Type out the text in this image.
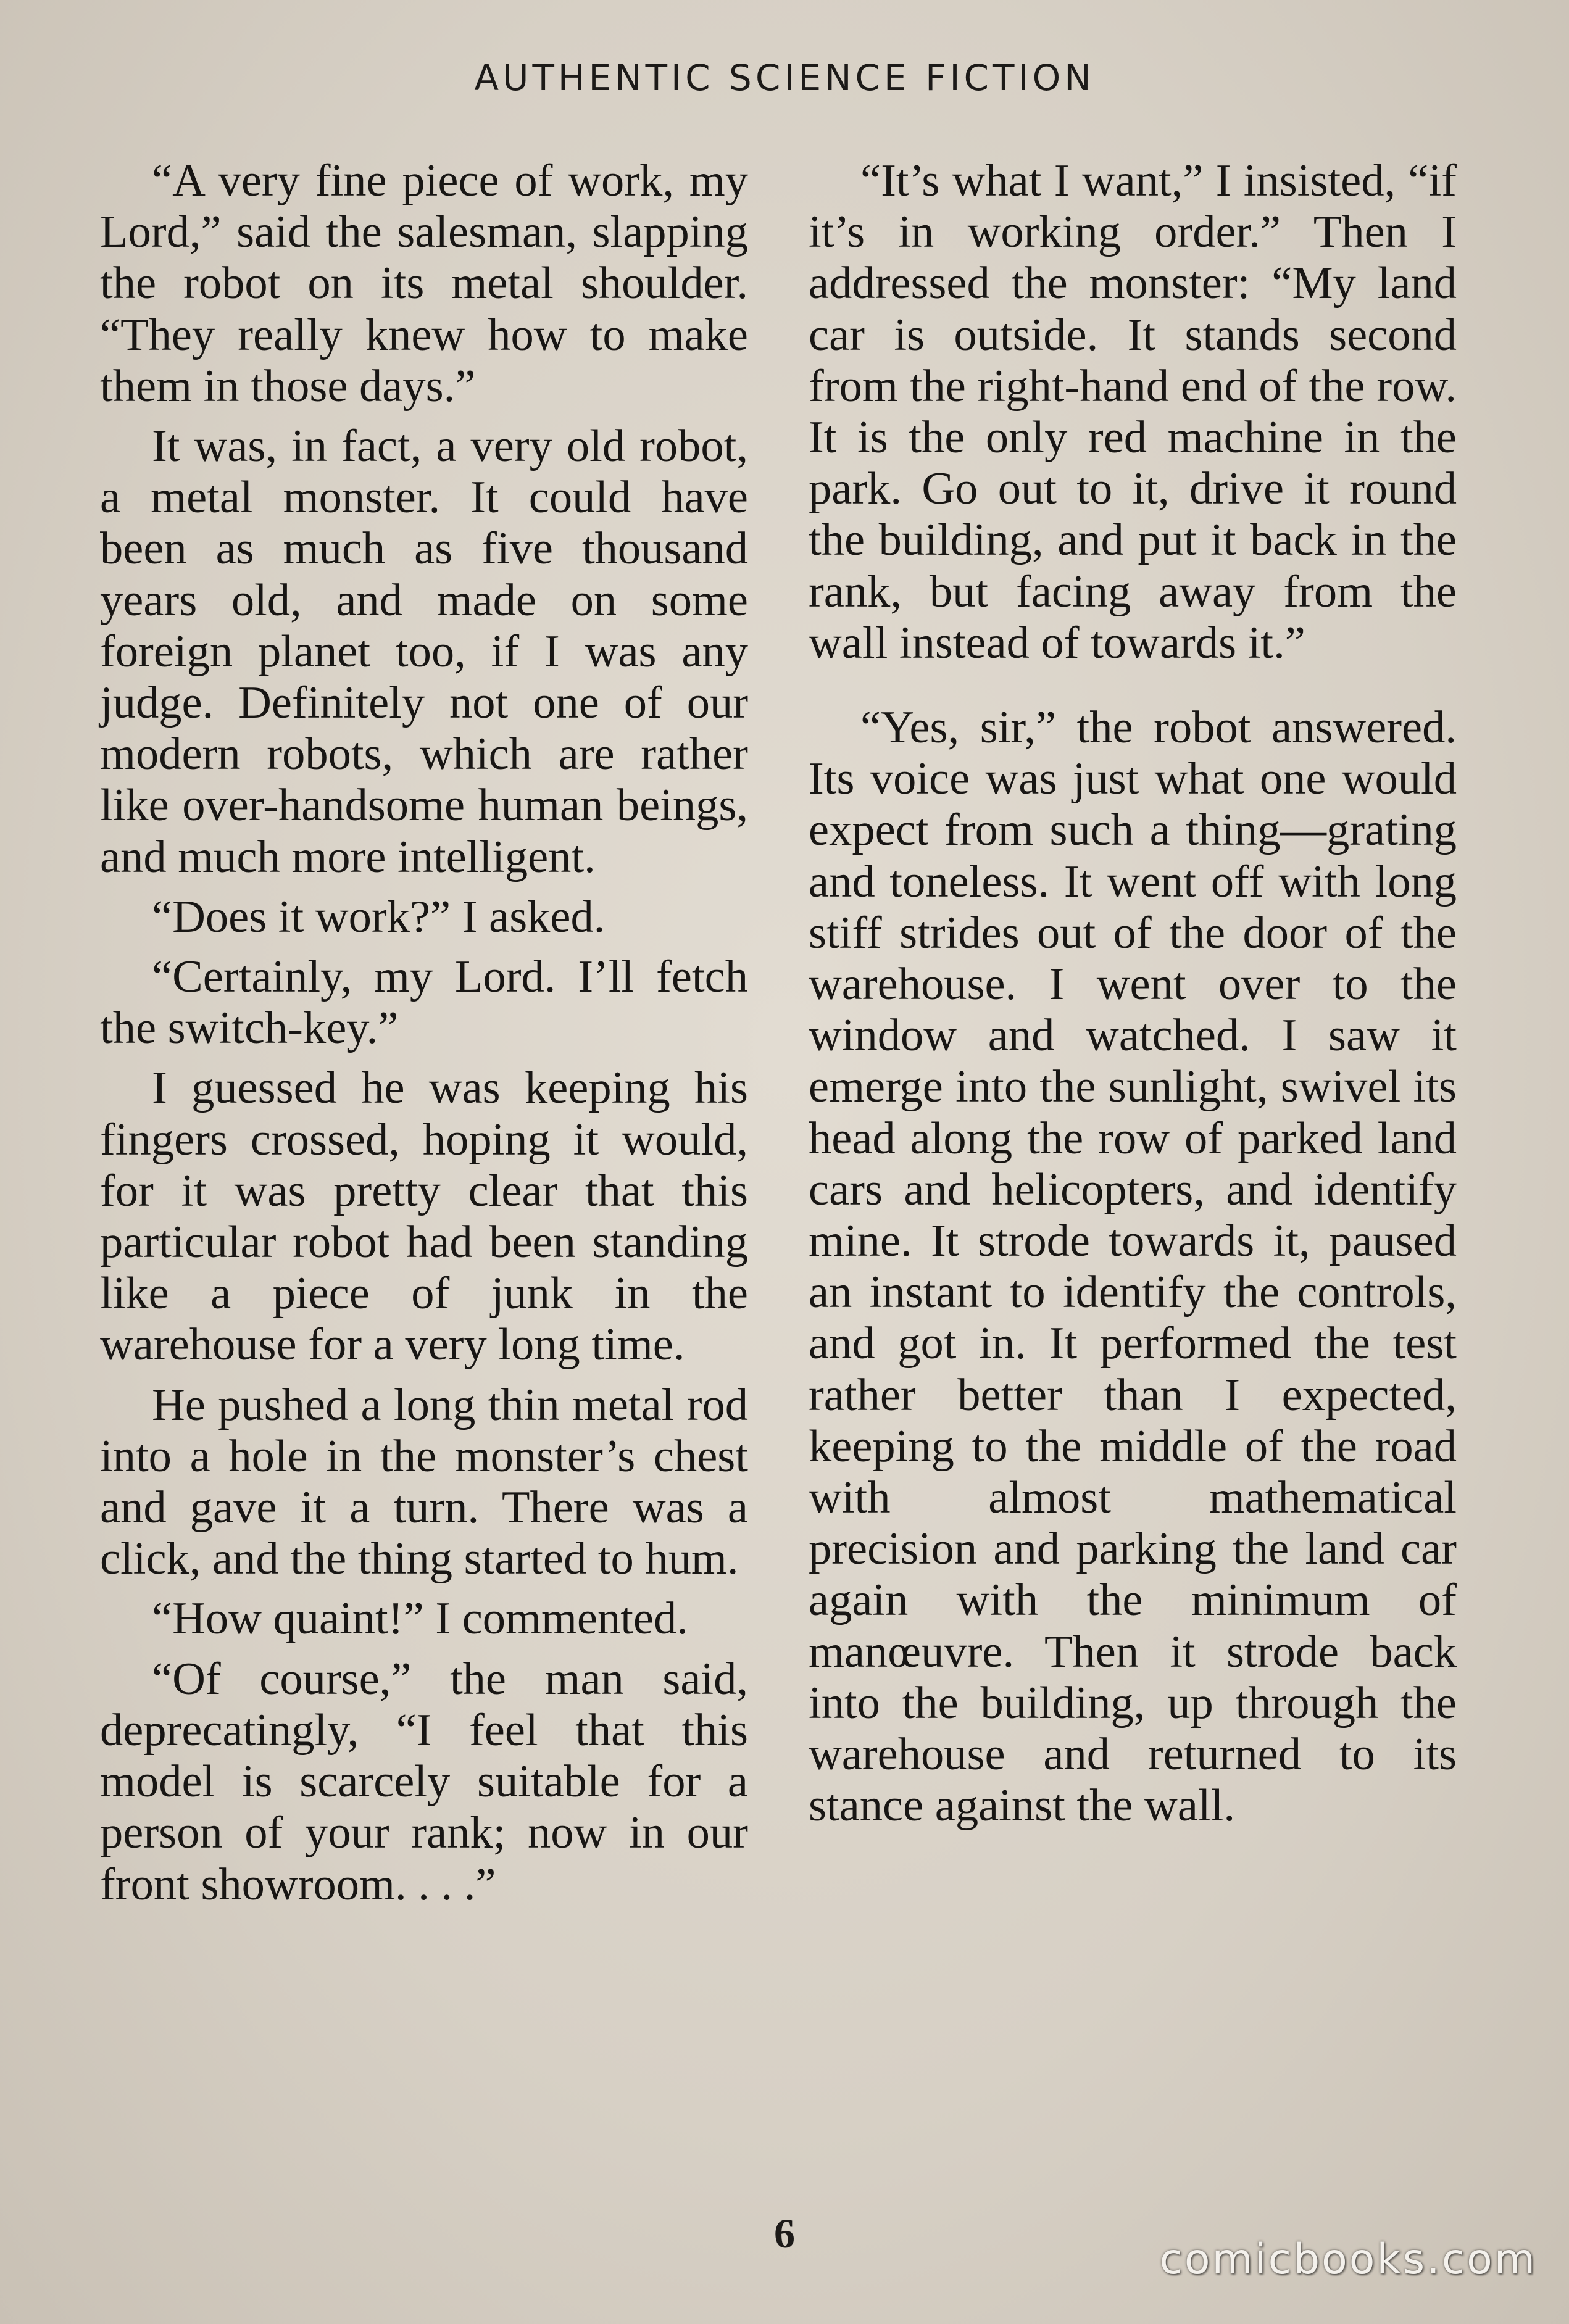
AUTHENTIC SCIENCE FICTION

“A very fine piece of work, my Lord,” said the salesman, slapping the robot on its metal shoulder. “They really knew how to make them in those days.”

It was, in fact, a very old robot, a metal monster. It could have been as much as five thousand years old, and made on some foreign planet too, if I was any judge. Definitely not one of our modern robots, which are rather like over-handsome human beings, and much more intelligent.

“Does it work?” I asked.

“Certainly, my Lord. I’ll fetch the switch-key.”

I guessed he was keeping his fingers crossed, hoping it would, for it was pretty clear that this particular robot had been standing like a piece of junk in the warehouse for a very long time.

He pushed a long thin metal rod into a hole in the monster’s chest and gave it a turn. There was a click, and the thing started to hum.

“How quaint!” I commented.

“Of course,” the man said, deprecatingly, “I feel that this model is scarcely suitable for a person of your rank; now in our front showroom. . . .”

“It’s what I want,” I insisted, “if it’s in working order.” Then I addressed the monster: “My land car is outside. It stands second from the right-hand end of the row. It is the only red machine in the park. Go out to it, drive it round the building, and put it back in the rank, but facing away from the wall instead of towards it.”

“Yes, sir,” the robot answered. Its voice was just what one would expect from such a thing—grating and toneless. It went off with long stiff strides out of the door of the warehouse. I went over to the window and watched. I saw it emerge into the sunlight, swivel its head along the row of parked land cars and helicopters, and identify mine. It strode towards it, paused an instant to identify the controls, and got in. It performed the test rather better than I expected, keeping to the middle of the road with almost mathematical precision and parking the land car again with the minimum of manœuvre. Then it strode back into the building, up through the warehouse and returned to its stance against the wall.

6
comicbooks.com
